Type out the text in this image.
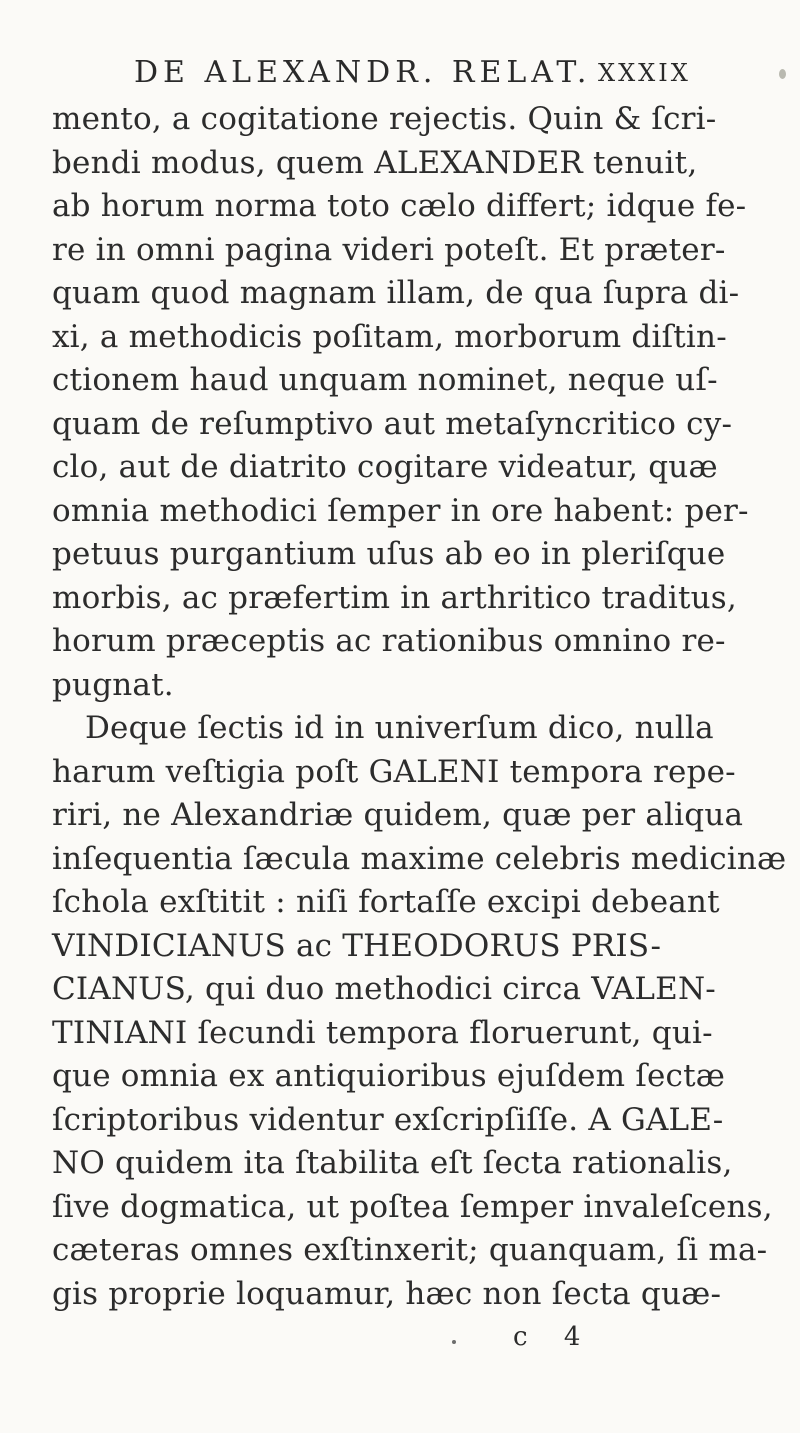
DE ALEXANDR. RELAT. XXXIX
mento, a cogitatione rejectis. Quin & ſcri-
bendi modus, quem ALEXANDER tenuit,
ab horum norma toto cælo differt; idque fe-
re in omni pagina videri poteſt. Et præter-
quam quod magnam illam, de qua ſupra di-
xi, a methodicis poſitam, morborum diſtin-
ctionem haud unquam nominet, neque uſ-
quam de reſumptivo aut metaſyncritico cy-
clo, aut de diatrito cogitare videatur, quæ
omnia methodici ſemper in ore habent: per-
petuus purgantium uſus ab eo in pleriſque
morbis, ac præfertim in arthritico traditus,
horum præceptis ac rationibus omnino re-
pugnat.
Deque ſectis id in univerſum dico, nulla
harum veſtigia poſt GALENI tempora repe-
riri, ne Alexandriæ quidem, quæ per aliqua
inſequentia ſæcula maxime celebris medicinæ
ſchola exſtitit : niſi fortaſſe excipi debeant
VINDICIANUS ac THEODORUS PRIS-
CIANUS, qui duo methodici circa VALEN-
TINIANI ſecundi tempora floruerunt, qui-
que omnia ex antiquioribus ejuſdem ſectæ
ſcriptoribus videntur exſcripſiſſe. A GALE-
NO quidem ita ſtabilita eſt ſecta rationalis,
ſive dogmatica, ut poſtea ſemper invaleſcens,
cæteras omnes exſtinxerit; quanquam, ſi ma-
gis proprie loquamur, hæc non ſecta quæ-
c 4
